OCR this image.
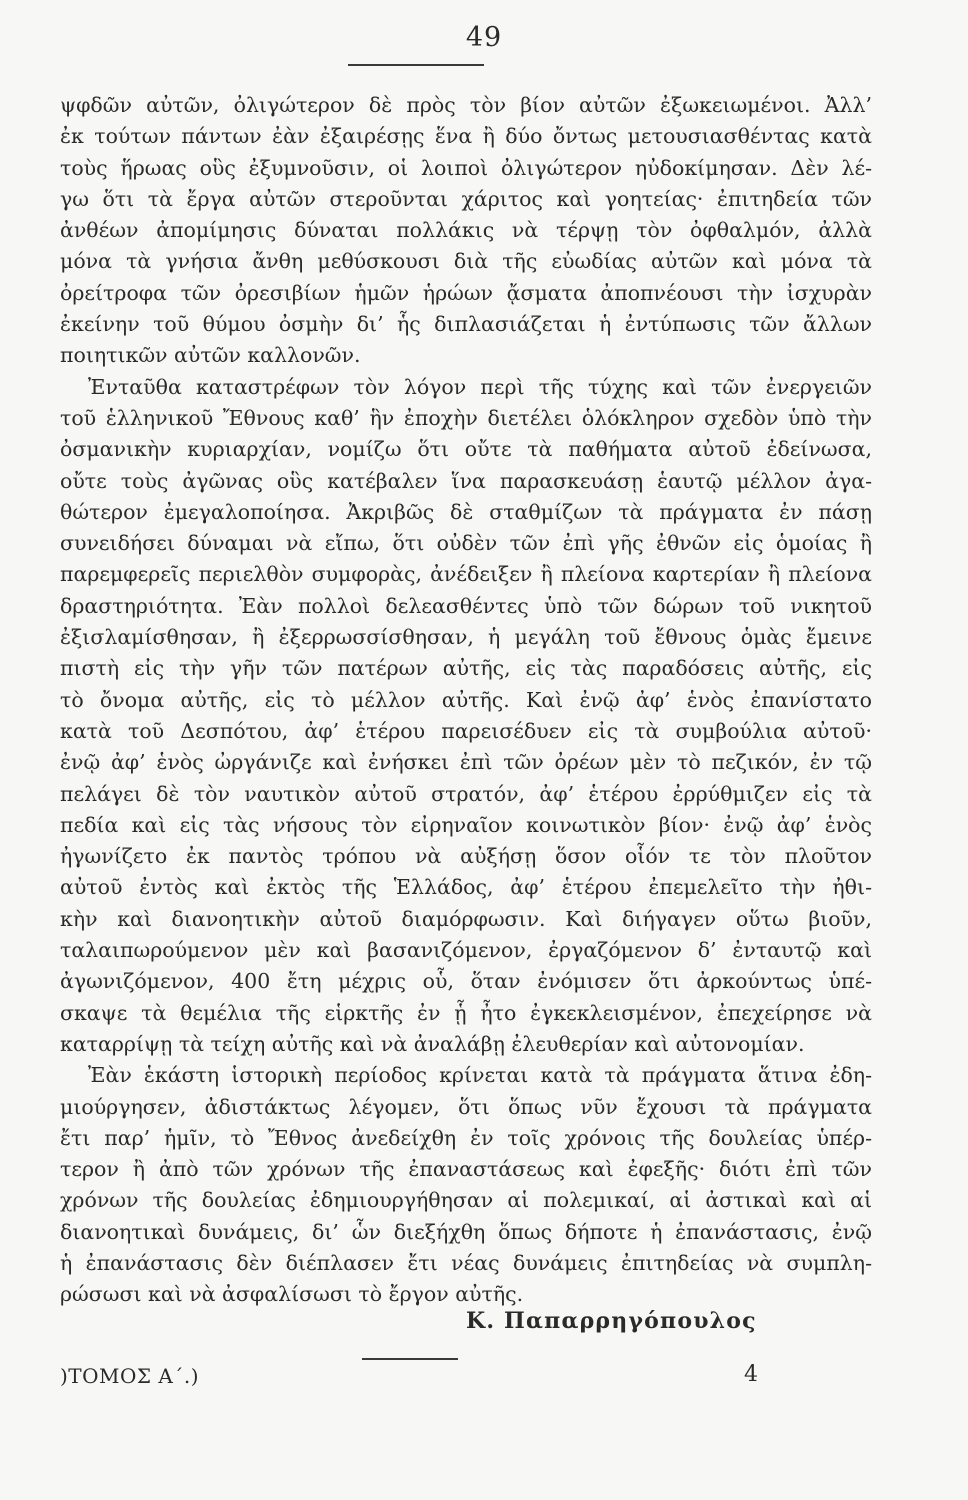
49
ψφδῶν αὐτῶν, ὀλιγώτερον δὲ πρὸς τὸν βίον αὐτῶν ἐξωκειωμένοι. Ἀλλ’
ἐκ τούτων πάντων ἐὰν ἐξαιρέσῃς ἕνα ἢ δύο ὄντως μετουσιασθέντας κατὰ
τοὺς ἥρωας οὓς ἐξυμνοῦσιν, οἱ λοιποὶ ὀλιγώτερον ηὐδοκίμησαν. Δὲν λέ-
γω ὅτι τὰ ἔργα αὐτῶν στεροῦνται χάριτος καὶ γοητείας· ἐπιτηδεία τῶν
ἀνθέων ἀπομίμησις δύναται πολλάκις νὰ τέρψῃ τὸν ὀφθαλμόν, ἀλλὰ
μόνα τὰ γνήσια ἄνθη μεθύσκουσι διὰ τῆς εὐωδίας αὐτῶν καὶ μόνα τὰ
ὀρείτροφα τῶν ὀρεσιβίων ἡμῶν ἡρώων ᾄσματα ἀποπνέουσι τὴν ἰσχυρὰν
ἐκείνην τοῦ θύμου ὀσμὴν δι’ ἧς διπλασιάζεται ἡ ἐντύπωσις τῶν ἄλλων
ποιητικῶν αὐτῶν καλλονῶν.
Ἐνταῦθα καταστρέφων τὸν λόγον περὶ τῆς τύχης καὶ τῶν ἐνεργειῶν
τοῦ ἑλληνικοῦ Ἔθνους καθ’ ἣν ἐποχὴν διετέλει ὁλόκληρον σχεδὸν ὑπὸ τὴν
ὀσμανικὴν κυριαρχίαν, νομίζω ὅτι οὔτε τὰ παθήματα αὐτοῦ ἐδείνωσα,
οὔτε τοὺς ἀγῶνας οὓς κατέβαλεν ἵνα παρασκευάσῃ ἑαυτῷ μέλλον ἀγα-
θώτερον ἐμεγαλοποίησα. Ἀκριβῶς δὲ σταθμίζων τὰ πράγματα ἐν πάσῃ
συνειδήσει δύναμαι νὰ εἴπω, ὅτι οὐδὲν τῶν ἐπὶ γῆς ἐθνῶν εἰς ὁμοίας ἢ
παρεμφερεῖς περιελθὸν συμφορὰς, ἀνέδειξεν ἢ πλείονα καρτερίαν ἢ πλείονα
δραστηριότητα. Ἐὰν πολλοὶ δελεασθέντες ὑπὸ τῶν δώρων τοῦ νικητοῦ
ἐξισλαμίσθησαν, ἢ ἐξερρωσσίσθησαν, ἡ μεγάλη τοῦ ἔθνους ὁμὰς ἔμεινε
πιστὴ εἰς τὴν γῆν τῶν πατέρων αὐτῆς, εἰς τὰς παραδόσεις αὐτῆς, εἰς
τὸ ὄνομα αὐτῆς, εἰς τὸ μέλλον αὐτῆς. Καὶ ἐνῷ ἀφ’ ἑνὸς ἐπανίστατο
κατὰ τοῦ Δεσπότου, ἀφ’ ἑτέρου παρεισέδυεν εἰς τὰ συμβούλια αὐτοῦ·
ἐνῷ ἀφ’ ἑνὸς ὠργάνιζε καὶ ἐνήσκει ἐπὶ τῶν ὀρέων μὲν τὸ πεζικόν, ἐν τῷ
πελάγει δὲ τὸν ναυτικὸν αὐτοῦ στρατόν, ἀφ’ ἑτέρου ἐρρύθμιζεν εἰς τὰ
πεδία καὶ εἰς τὰς νήσους τὸν εἰρηναῖον κοινωτικὸν βίον· ἐνῷ ἀφ’ ἑνὸς
ἠγωνίζετο ἐκ παντὸς τρόπου νὰ αὐξήσῃ ὅσον οἷόν τε τὸν πλοῦτον
αὐτοῦ ἐντὸς καὶ ἐκτὸς τῆς Ἑλλάδος, ἀφ’ ἑτέρου ἐπεμελεῖτο τὴν ἠθι-
κὴν καὶ διανοητικὴν αὐτοῦ διαμόρφωσιν. Καὶ διήγαγεν οὕτω βιοῦν,
ταλαιπωρούμενον μὲν καὶ βασανιζόμενον, ἐργαζόμενον δ’ ἐνταυτῷ καὶ
ἀγωνιζόμενον, 400 ἔτη μέχρις οὗ, ὅταν ἐνόμισεν ὅτι ἀρκούντως ὑπέ-
σκαψε τὰ θεμέλια τῆς εἱρκτῆς ἐν ᾗ ἦτο ἐγκεκλεισμένον, ἐπεχείρησε νὰ
καταρρίψῃ τὰ τείχη αὐτῆς καὶ νὰ ἀναλάβῃ ἐλευθερίαν καὶ αὐτονομίαν.
Ἐὰν ἑκάστη ἱστορικὴ περίοδος κρίνεται κατὰ τὰ πράγματα ἅτινα ἐδη-
μιούργησεν, ἀδιστάκτως λέγομεν, ὅτι ὅπως νῦν ἔχουσι τὰ πράγματα
ἔτι παρ’ ἡμῖν, τὸ Ἔθνος ἀνεδείχθη ἐν τοῖς χρόνοις τῆς δουλείας ὑπέρ-
τερον ἢ ἀπὸ τῶν χρόνων τῆς ἐπαναστάσεως καὶ ἐφεξῆς· διότι ἐπὶ τῶν
χρόνων τῆς δουλείας ἐδημιουργήθησαν αἱ πολεμικαί, αἱ ἀστικαὶ καὶ αἱ
διανοητικαὶ δυνάμεις, δι’ ὧν διεξήχθη ὅπως δήποτε ἡ ἐπανάστασις, ἐνῷ
ἡ ἐπανάστασις δὲν διέπλασεν ἔτι νέας δυνάμεις ἐπιτηδείας νὰ συμπλη-
ρώσωσι καὶ νὰ ἀσφαλίσωσι τὸ ἔργον αὐτῆς.
Κ. Παπαρρηγόπουλος
)ΤΟΜΟΣ Α΄.)	4
